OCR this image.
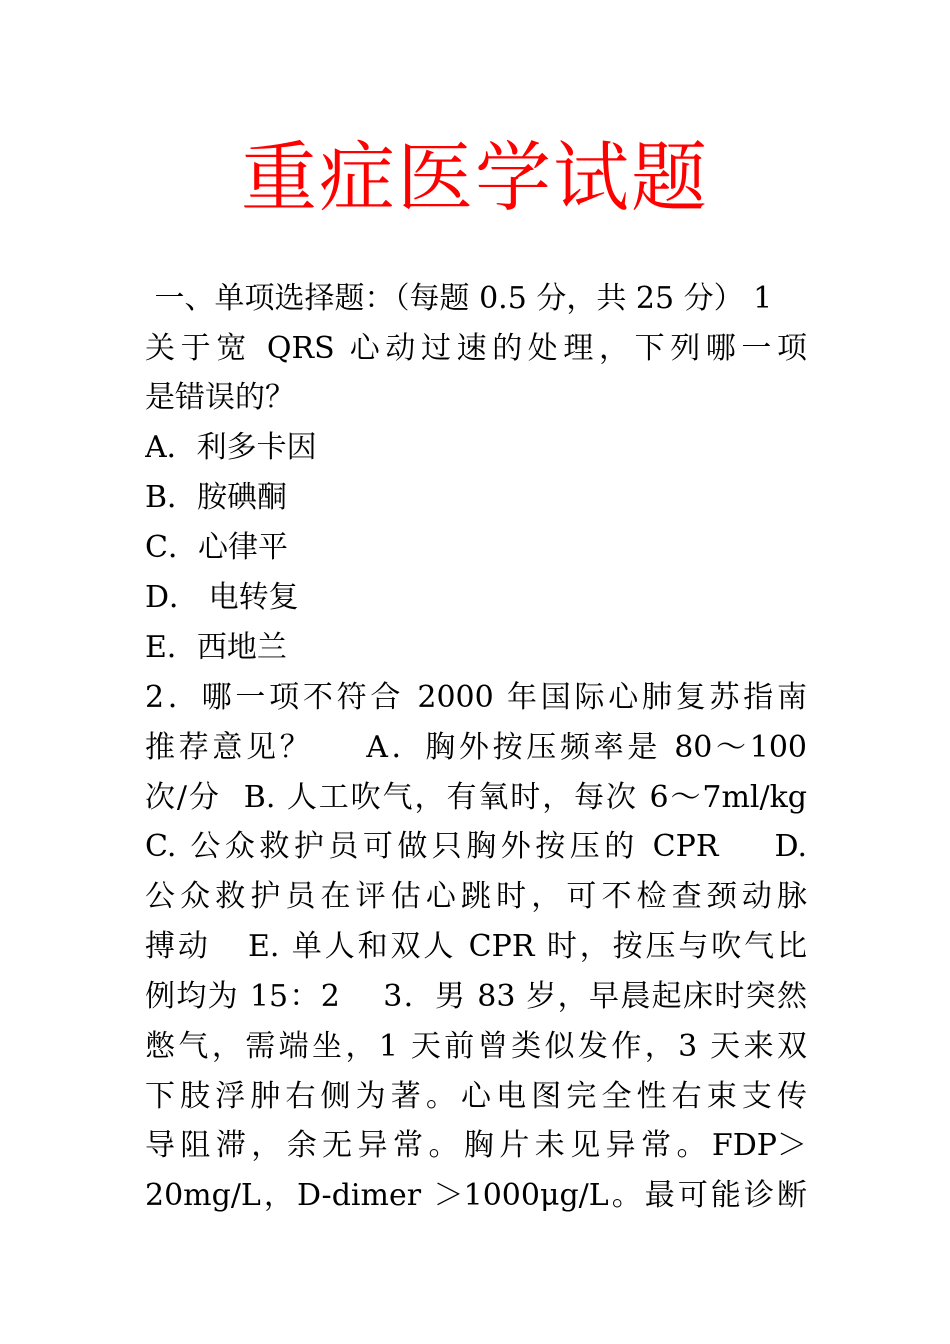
重症医学试题
一、单项选择题：（每题 0.5 分，共 25 分） 1
关于宽 QRS 心动过速的处理，下列哪一项
是错误的？
A．利多卡因
B．胺碘酮
C．心律平
D． 电转复
E．西地兰
2．哪一项不符合 2000 年国际心肺复苏指南
推荐意见？    A．胸外按压频率是 80～100
次/分  B. 人工吹气，有氧时，每次 6～7ml/kg
C. 公众救护员可做只胸外按压的 CPR    D.
公众救护员在评估心跳时，可不检查颈动脉
搏动   E. 单人和双人 CPR 时，按压与吹气比
例均为 15：2    3．男 83 岁，早晨起床时突然
憋气，需端坐，1 天前曾类似发作，3 天来双
下肢浮肿右侧为著。心电图完全性右束支传
导阻滞，余无异常。胸片未见异常。FDP＞
20mg/L，D-dimer ＞1000μg/L。最可能诊断
